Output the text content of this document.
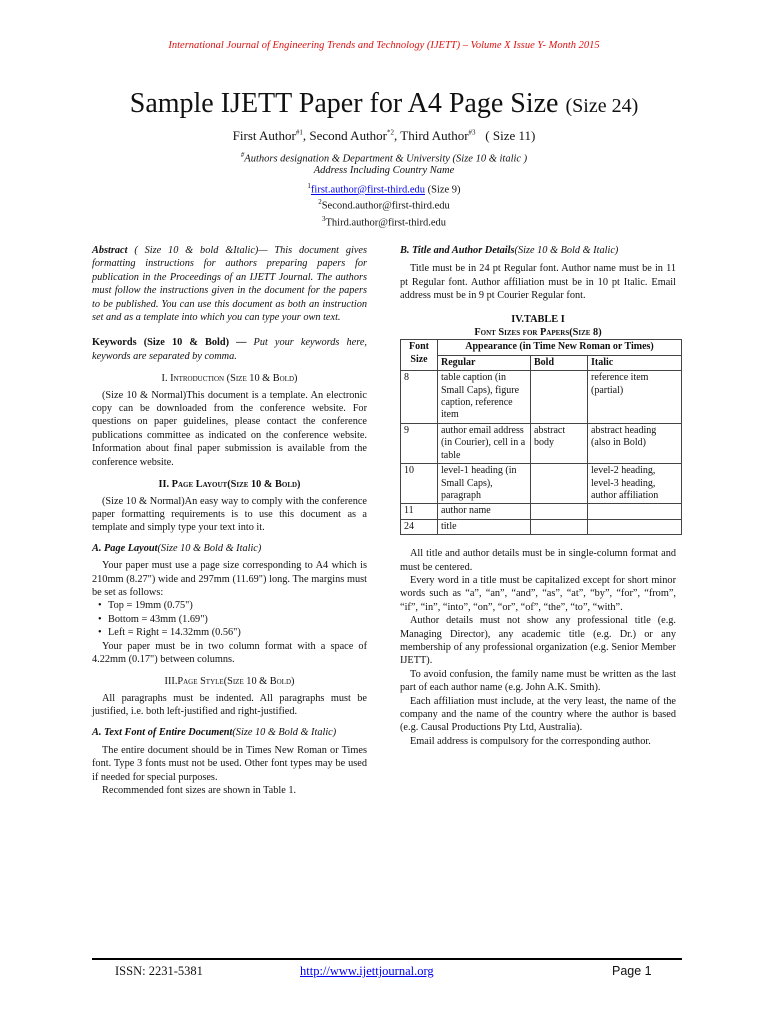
International Journal of Engineering Trends and Technology (IJETT) – Volume X Issue Y- Month 2015
Sample IJETT Paper for A4 Page Size (Size 24)
First Author$^{\#1}$, Second Author$^{*2}$, Third Author$^{\#3}$ ( Size 11)
#Authors designation & Department & University (Size 10 & italic )
Address Including Country Name
$^1$first.author@first-third.edu (Size 9)
$^2$Second.author@first-third.edu
$^3$Third.author@first-third.edu

Abstract ( Size 10 & bold &Italic)— This document gives formatting instructions for authors preparing papers for publication in the Proceedings of an IJETT Journal. The authors must follow the instructions given in the document for the papers to be published. You can use this document as both an instruction set and as a template into which you can type your own text.

Keywords (Size 10 & Bold) — Put your keywords here, keywords are separated by comma.

I. Introduction (Size 10 & Bold)

(Size 10 & Normal)This document is a template. An electronic copy can be downloaded from the conference website. For questions on paper guidelines, please contact the conference publications committee as indicated on the conference website. Information about final paper submission is available from the conference website.

II. Page Layout(Size 10 & Bold)

(Size 10 & Normal)An easy way to comply with the conference paper formatting requirements is to use this document as a template and simply type your text into it.

A. Page Layout(Size 10 & Bold & Italic)

Your paper must use a page size corresponding to A4 which is 210mm (8.27") wide and 297mm (11.69") long. The margins must be set as follows:

• Top = 19mm (0.75")
• Bottom = 43mm (1.69")
• Left = Right = 14.32mm (0.56")

Your paper must be in two column format with a space of 4.22mm (0.17") between columns.

III.Page Style(Size 10 & Bold)

All paragraphs must be indented. All paragraphs must be justified, i.e. both left-justified and right-justified.

A. Text Font of Entire Document(Size 10 & Bold & Italic)

The entire document should be in Times New Roman or Times font. Type 3 fonts must not be used. Other font types may be used if needed for special purposes.

Recommended font sizes are shown in Table 1.

B. Title and Author Details(Size 10 & Bold & Italic)

Title must be in 24 pt Regular font. Author name must be in 11 pt Regular font. Author affiliation must be in 10 pt Italic. Email address must be in 9 pt Courier Regular font.

IV.TABLE I

Font Sizes for Papers(Size 8)

Font Size	Appearance (in Time New Roman or Times)		
	Regular	Bold	Italic
8	table caption (in Small Caps), figure caption, reference item		reference item (partial)
9	author email address (in Courier), cell in a table	abstract body	abstract heading (also in Bold)
10	level-1 heading (in Small Caps), paragraph		level-2 heading, level-3 heading, author affiliation
11	author name		
24	title		

All title and author details must be in single-column format and must be centered.

Every word in a title must be capitalized except for short minor words such as “a”, “an”, “and”, “as”, “at”, “by”, “for”, “from”, “if”, “in”, “into”, “on”, “or”, “of”, “the”, “to”, “with”.

Author details must not show any professional title (e.g. Managing Director), any academic title (e.g. Dr.) or any membership of any professional organization (e.g. Senior Member IJETT).

To avoid confusion, the family name must be written as the last part of each author name (e.g. John A.K. Smith).

Each affiliation must include, at the very least, the name of the company and the name of the country where the author is based (e.g. Causal Productions Pty Ltd, Australia).

Email address is compulsory for the corresponding author.

ISSN: 2231-5381	http://www.ijettjournal.org	Page 1
